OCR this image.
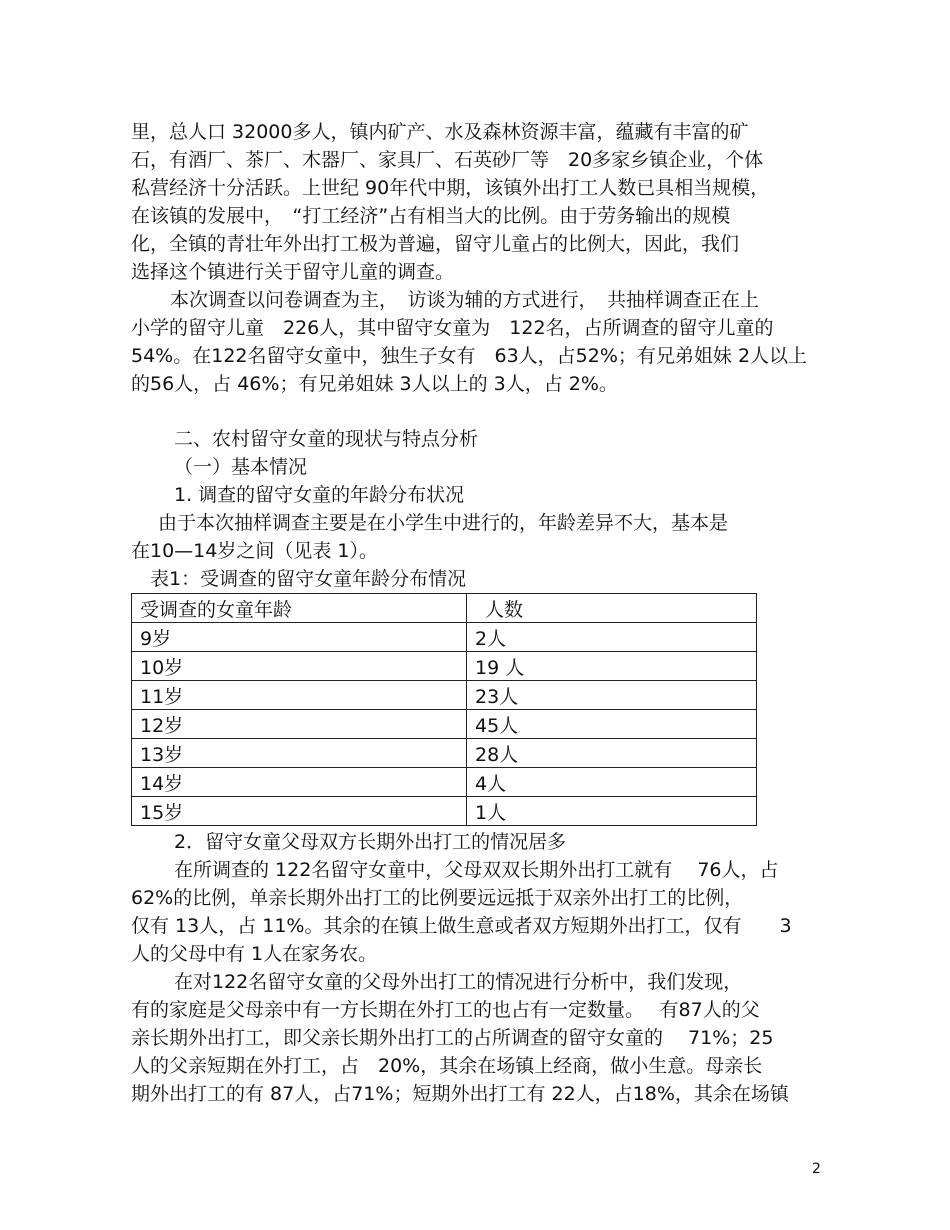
里，总人口 32000多人，镇内矿产、水及森林资源丰富，蕴藏有丰富的矿
石，有酒厂、茶厂、木器厂、家具厂、石英砂厂等　20多家乡镇企业，个体
私营经济十分活跃。上世纪 90年代中期，该镇外出打工人数已具相当规模，
在该镇的发展中，　“打工经济”占有相当大的比例。由于劳务输出的规模
化，全镇的青壮年外出打工极为普遍，留守儿童占的比例大，因此，我们
选择这个镇进行关于留守儿童的调查。
本次调查以问卷调查为主，　访谈为辅的方式进行，　共抽样调查正在上
小学的留守儿童　226人，其中留守女童为　122名，占所调查的留守儿童的
54%。在122名留守女童中，独生子女有　63人，占52%；有兄弟姐妹 2人以上
的56人，占 46%；有兄弟姐妹 3人以上的 3人，占 2%。
二、农村留守女童的现状与特点分析
（一）基本情况
1. 调查的留守女童的年龄分布状况
由于本次抽样调查主要是在小学生中进行的，年龄差异不大，基本是
在10—14岁之间（见表 1）。
表1：受调查的留守女童年龄分布情况
受调查的女童年龄	人数
9岁	2人
10岁	19 人
11岁	23人
12岁	45人
13岁	28人
14岁	4人
15岁	1人
2．留守女童父母双方长期外出打工的情况居多
在所调查的 122名留守女童中，父母双双长期外出打工就有　 76人，占
62%的比例，单亲长期外出打工的比例要远远抵于双亲外出打工的比例，
仅有 13人，占 11%。其余的在镇上做生意或者双方短期外出打工，仅有　　3
人的父母中有 1人在家务农。
在对122名留守女童的父母外出打工的情况进行分析中，我们发现，
有的家庭是父母亲中有一方长期在外打工的也占有一定数量。　 有87人的父
亲长期外出打工，即父亲长期外出打工的占所调查的留守女童的　 71%；25
人的父亲短期在外打工，占　20%，其余在场镇上经商，做小生意。母亲长
期外出打工的有 87人，占71%；短期外出打工有 22人，占18%，其余在场镇
2
